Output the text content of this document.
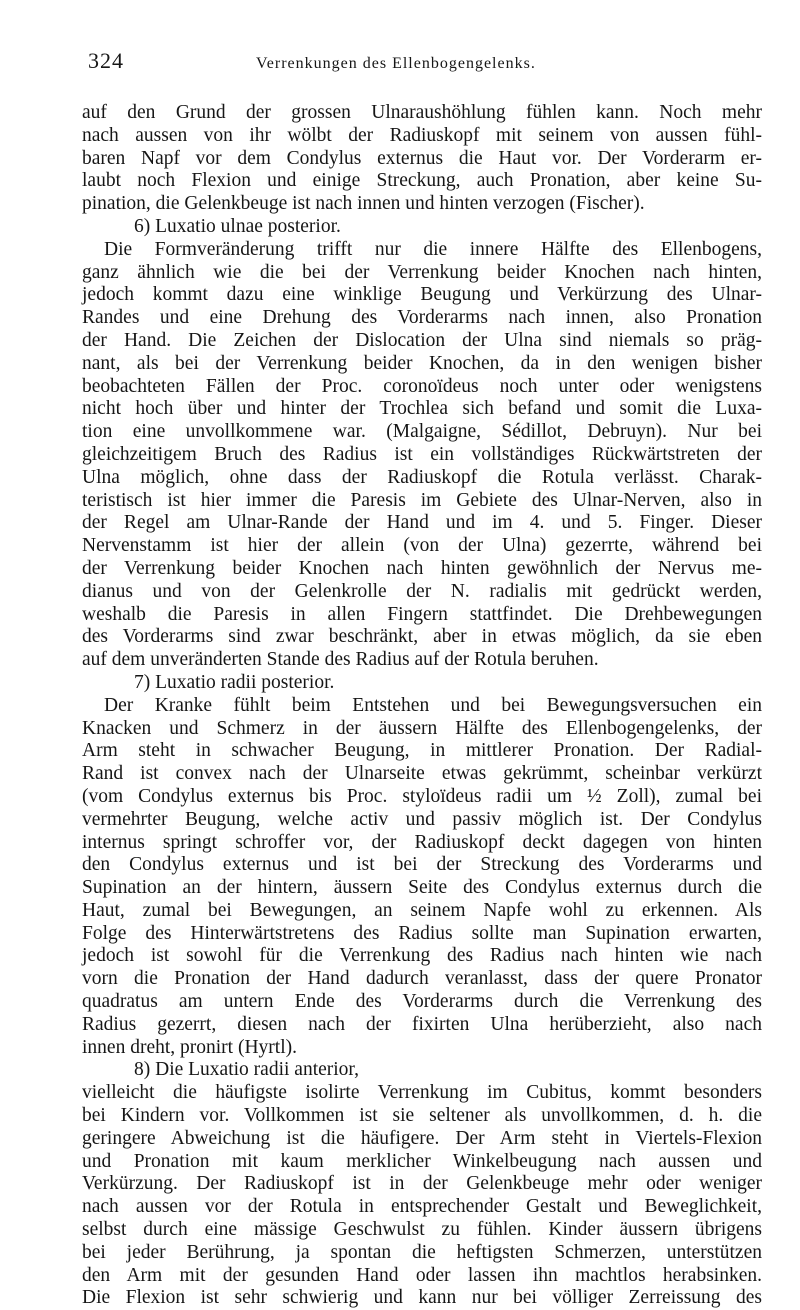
324	Verrenkungen des Ellenbogengelenks.
auf den Grund der grossen Ulnaraushöhlung fühlen kann. Noch mehr
nach aussen von ihr wölbt der Radiuskopf mit seinem von aussen fühl-
baren Napf vor dem Condylus externus die Haut vor. Der Vorderarm er-
laubt noch Flexion und einige Streckung, auch Pronation, aber keine Su-
pination, die Gelenkbeuge ist nach innen und hinten verzogen (Fischer).
6) Luxatio ulnae posterior.
Die Formveränderung trifft nur die innere Hälfte des Ellenbogens,
ganz ähnlich wie die bei der Verrenkung beider Knochen nach hinten,
jedoch kommt dazu eine winklige Beugung und Verkürzung des Ulnar-
Randes und eine Drehung des Vorderarms nach innen, also Pronation
der Hand. Die Zeichen der Dislocation der Ulna sind niemals so präg-
nant, als bei der Verrenkung beider Knochen, da in den wenigen bisher
beobachteten Fällen der Proc. coronoïdeus noch unter oder wenigstens
nicht hoch über und hinter der Trochlea sich befand und somit die Luxa-
tion eine unvollkommene war. (Malgaigne, Sédillot, Debruyn). Nur bei
gleichzeitigem Bruch des Radius ist ein vollständiges Rückwärtstreten der
Ulna möglich, ohne dass der Radiuskopf die Rotula verlässt. Charak-
teristisch ist hier immer die Paresis im Gebiete des Ulnar-Nerven, also in
der Regel am Ulnar-Rande der Hand und im 4. und 5. Finger. Dieser
Nervenstamm ist hier der allein (von der Ulna) gezerrte, während bei
der Verrenkung beider Knochen nach hinten gewöhnlich der Nervus me-
dianus und von der Gelenkrolle der N. radialis mit gedrückt werden,
weshalb die Paresis in allen Fingern stattfindet. Die Drehbewegungen
des Vorderarms sind zwar beschränkt, aber in etwas möglich, da sie eben
auf dem unveränderten Stande des Radius auf der Rotula beruhen.
7) Luxatio radii posterior.
Der Kranke fühlt beim Entstehen und bei Bewegungsversuchen ein
Knacken und Schmerz in der äussern Hälfte des Ellenbogengelenks, der
Arm steht in schwacher Beugung, in mittlerer Pronation. Der Radial-
Rand ist convex nach der Ulnarseite etwas gekrümmt, scheinbar verkürzt
(vom Condylus externus bis Proc. styloïdeus radii um ½ Zoll), zumal bei
vermehrter Beugung, welche activ und passiv möglich ist. Der Condylus
internus springt schroffer vor, der Radiuskopf deckt dagegen von hinten
den Condylus externus und ist bei der Streckung des Vorderarms und
Supination an der hintern, äussern Seite des Condylus externus durch die
Haut, zumal bei Bewegungen, an seinem Napfe wohl zu erkennen. Als
Folge des Hinterwärtstretens des Radius sollte man Supination erwarten,
jedoch ist sowohl für die Verrenkung des Radius nach hinten wie nach
vorn die Pronation der Hand dadurch veranlasst, dass der quere Pronator
quadratus am untern Ende des Vorderarms durch die Verrenkung des
Radius gezerrt, diesen nach der fixirten Ulna herüberzieht, also nach
innen dreht, pronirt (Hyrtl).
8) Die Luxatio radii anterior,
vielleicht die häufigste isolirte Verrenkung im Cubitus, kommt besonders
bei Kindern vor. Vollkommen ist sie seltener als unvollkommen, d. h. die
geringere Abweichung ist die häufigere. Der Arm steht in Viertels-Flexion
und Pronation mit kaum merklicher Winkelbeugung nach aussen und
Verkürzung. Der Radiuskopf ist in der Gelenkbeuge mehr oder weniger
nach aussen vor der Rotula in entsprechender Gestalt und Beweglichkeit,
selbst durch eine mässige Geschwulst zu fühlen. Kinder äussern übrigens
bei jeder Berührung, ja spontan die heftigsten Schmerzen, unterstützen
den Arm mit der gesunden Hand oder lassen ihn machtlos herabsinken.
Die Flexion ist sehr schwierig und kann nur bei völliger Zerreissung des
